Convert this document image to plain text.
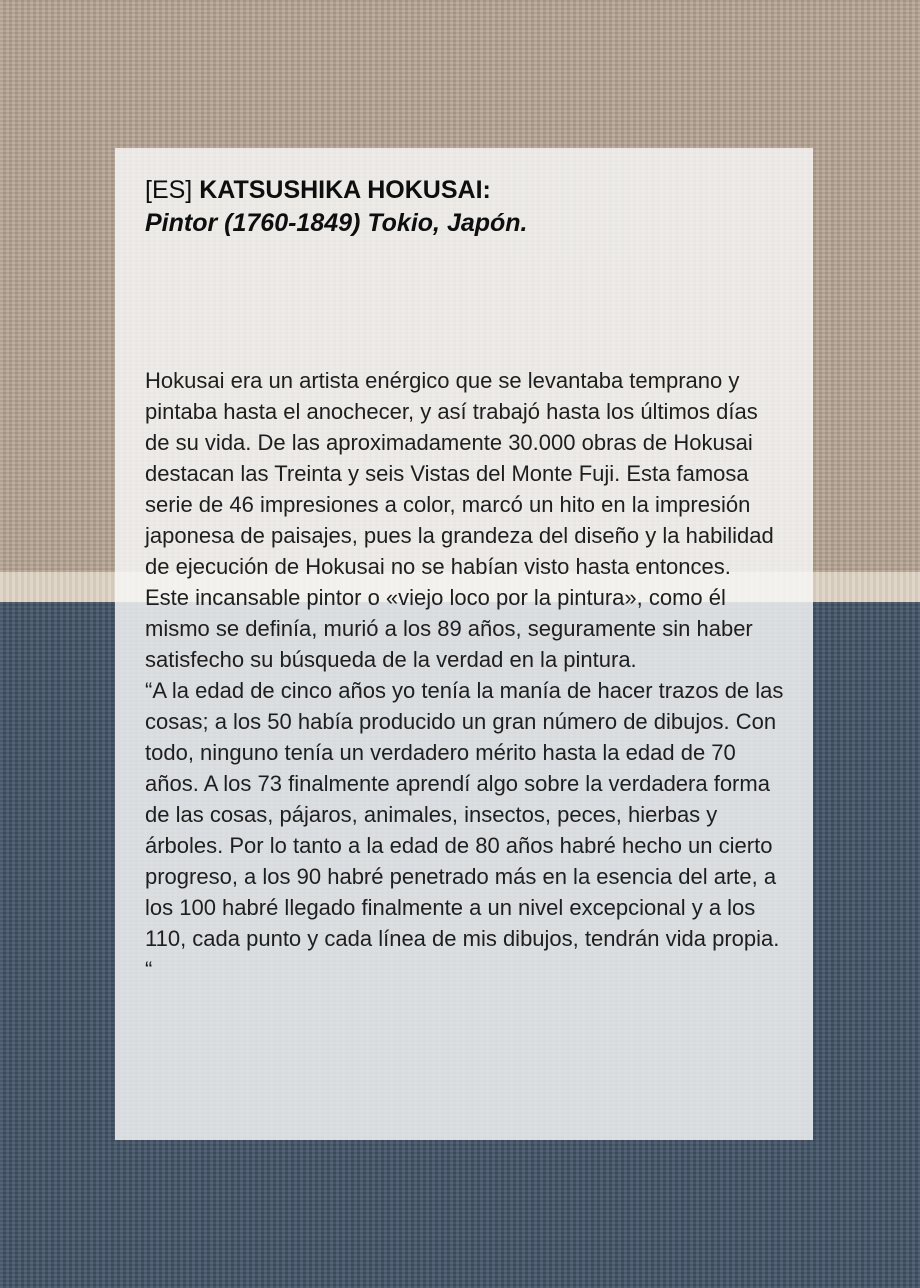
[ES] KATSUSHIKA HOKUSAI:
Pintor (1760-1849) Tokio, Japón.

Hokusai era un artista enérgico que se levantaba temprano y pintaba hasta el anochecer, y así trabajó hasta los últimos días de su vida. De las aproximadamente 30.000 obras de Hokusai destacan las Treinta y seis Vistas del Monte Fuji. Esta famosa serie de 46 impresiones a color, marcó un hito en la impresión japonesa de paisajes, pues la grandeza del diseño y la habilidad de ejecución de Hokusai no se habían visto hasta entonces.

Este incansable pintor o «viejo loco por la pintura», como él mismo se definía, murió a los 89 años, seguramente sin haber satisfecho su búsqueda de la verdad en la pintura.

“A la edad de cinco años yo tenía la manía de hacer trazos de las cosas; a los 50 había producido un gran número de dibujos. Con todo, ninguno tenía un verdadero mérito hasta la edad de 70 años. A los 73 finalmente aprendí algo sobre la verdadera forma de las cosas, pájaros, animales, insectos, peces, hierbas y árboles. Por lo tanto a la edad de 80 años habré hecho un cierto progreso, a los 90 habré penetrado más en la esencia del arte, a los 100 habré llegado finalmente a un nivel excepcional y a los 110, cada punto y cada línea de mis dibujos, tendrán vida propia. “
